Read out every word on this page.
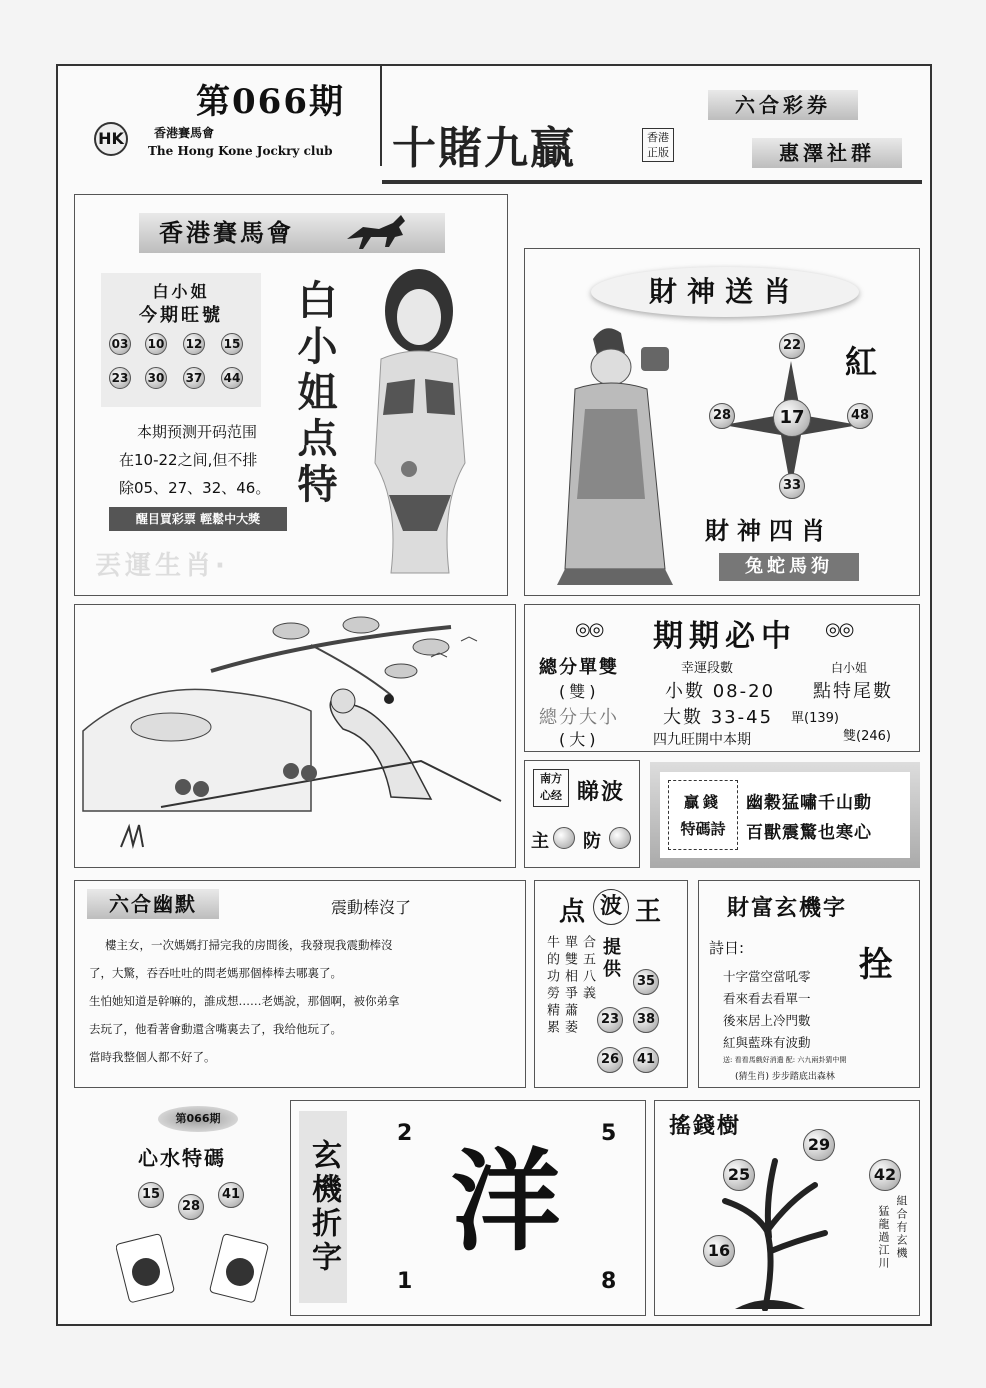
第066期
HK	香港賽馬會
The Hong Kone Jockry club 十賭九贏	香港正版
六合彩券
惠澤社群
香港賽馬會
白小姐
今期旺號
03 10 12 15
23 30 37 44
本期预测开码范围
在10-22之间,但不排
除05、27、32、46。
醒目買彩票 輕鬆中大獎
丟運生肖·
白小姐点特	財神送肖
紅
22
28	48
33
17
財神四肖
兔蛇馬狗
◎◎ 期期必中 ◎◎
總分單雙	幸運段數	白小姐
(雙)	小數 08-20 點特尾數
總分大小 大數 33-45 單(139)
(大)	四九旺開中本期	雙(246)
南方
心经 睇波
主 防
贏錢
特碼詩
幽穀猛嘯千山動
百獸震驚也寒心
六合幽默	震動棒沒了
樓主女，一次媽媽打掃完我的房間後，我發現我震動棒沒
了，大驚，吞吞吐吐的問老媽那個棒棒去哪裏了。
生怕她知道是幹嘛的，誰成想……老媽說，那個啊，被你弟拿
去玩了，他看著會動還含嘴裏去了，我给他玩了。
當時我整個人都不好了。
点 波 王
牛的功勞精累 單雙相爭蕭萎 合五八義 提供
35
23	38
26	41
財富玄機字
詩日:	拴
十字當空當吼零
看來看去看單一
後來居上冷門數
紅與藍珠有波動
送: 看看馬戲好消遣 配: 六九兩卦猜中開
(猜生肖) 步步踏底出森林
第066期
心水特碼
15
28
41 玄機折字
2	5
洋
1	8
搖錢樹
29
25	42
16	猛龍過江川 組合有玄機
